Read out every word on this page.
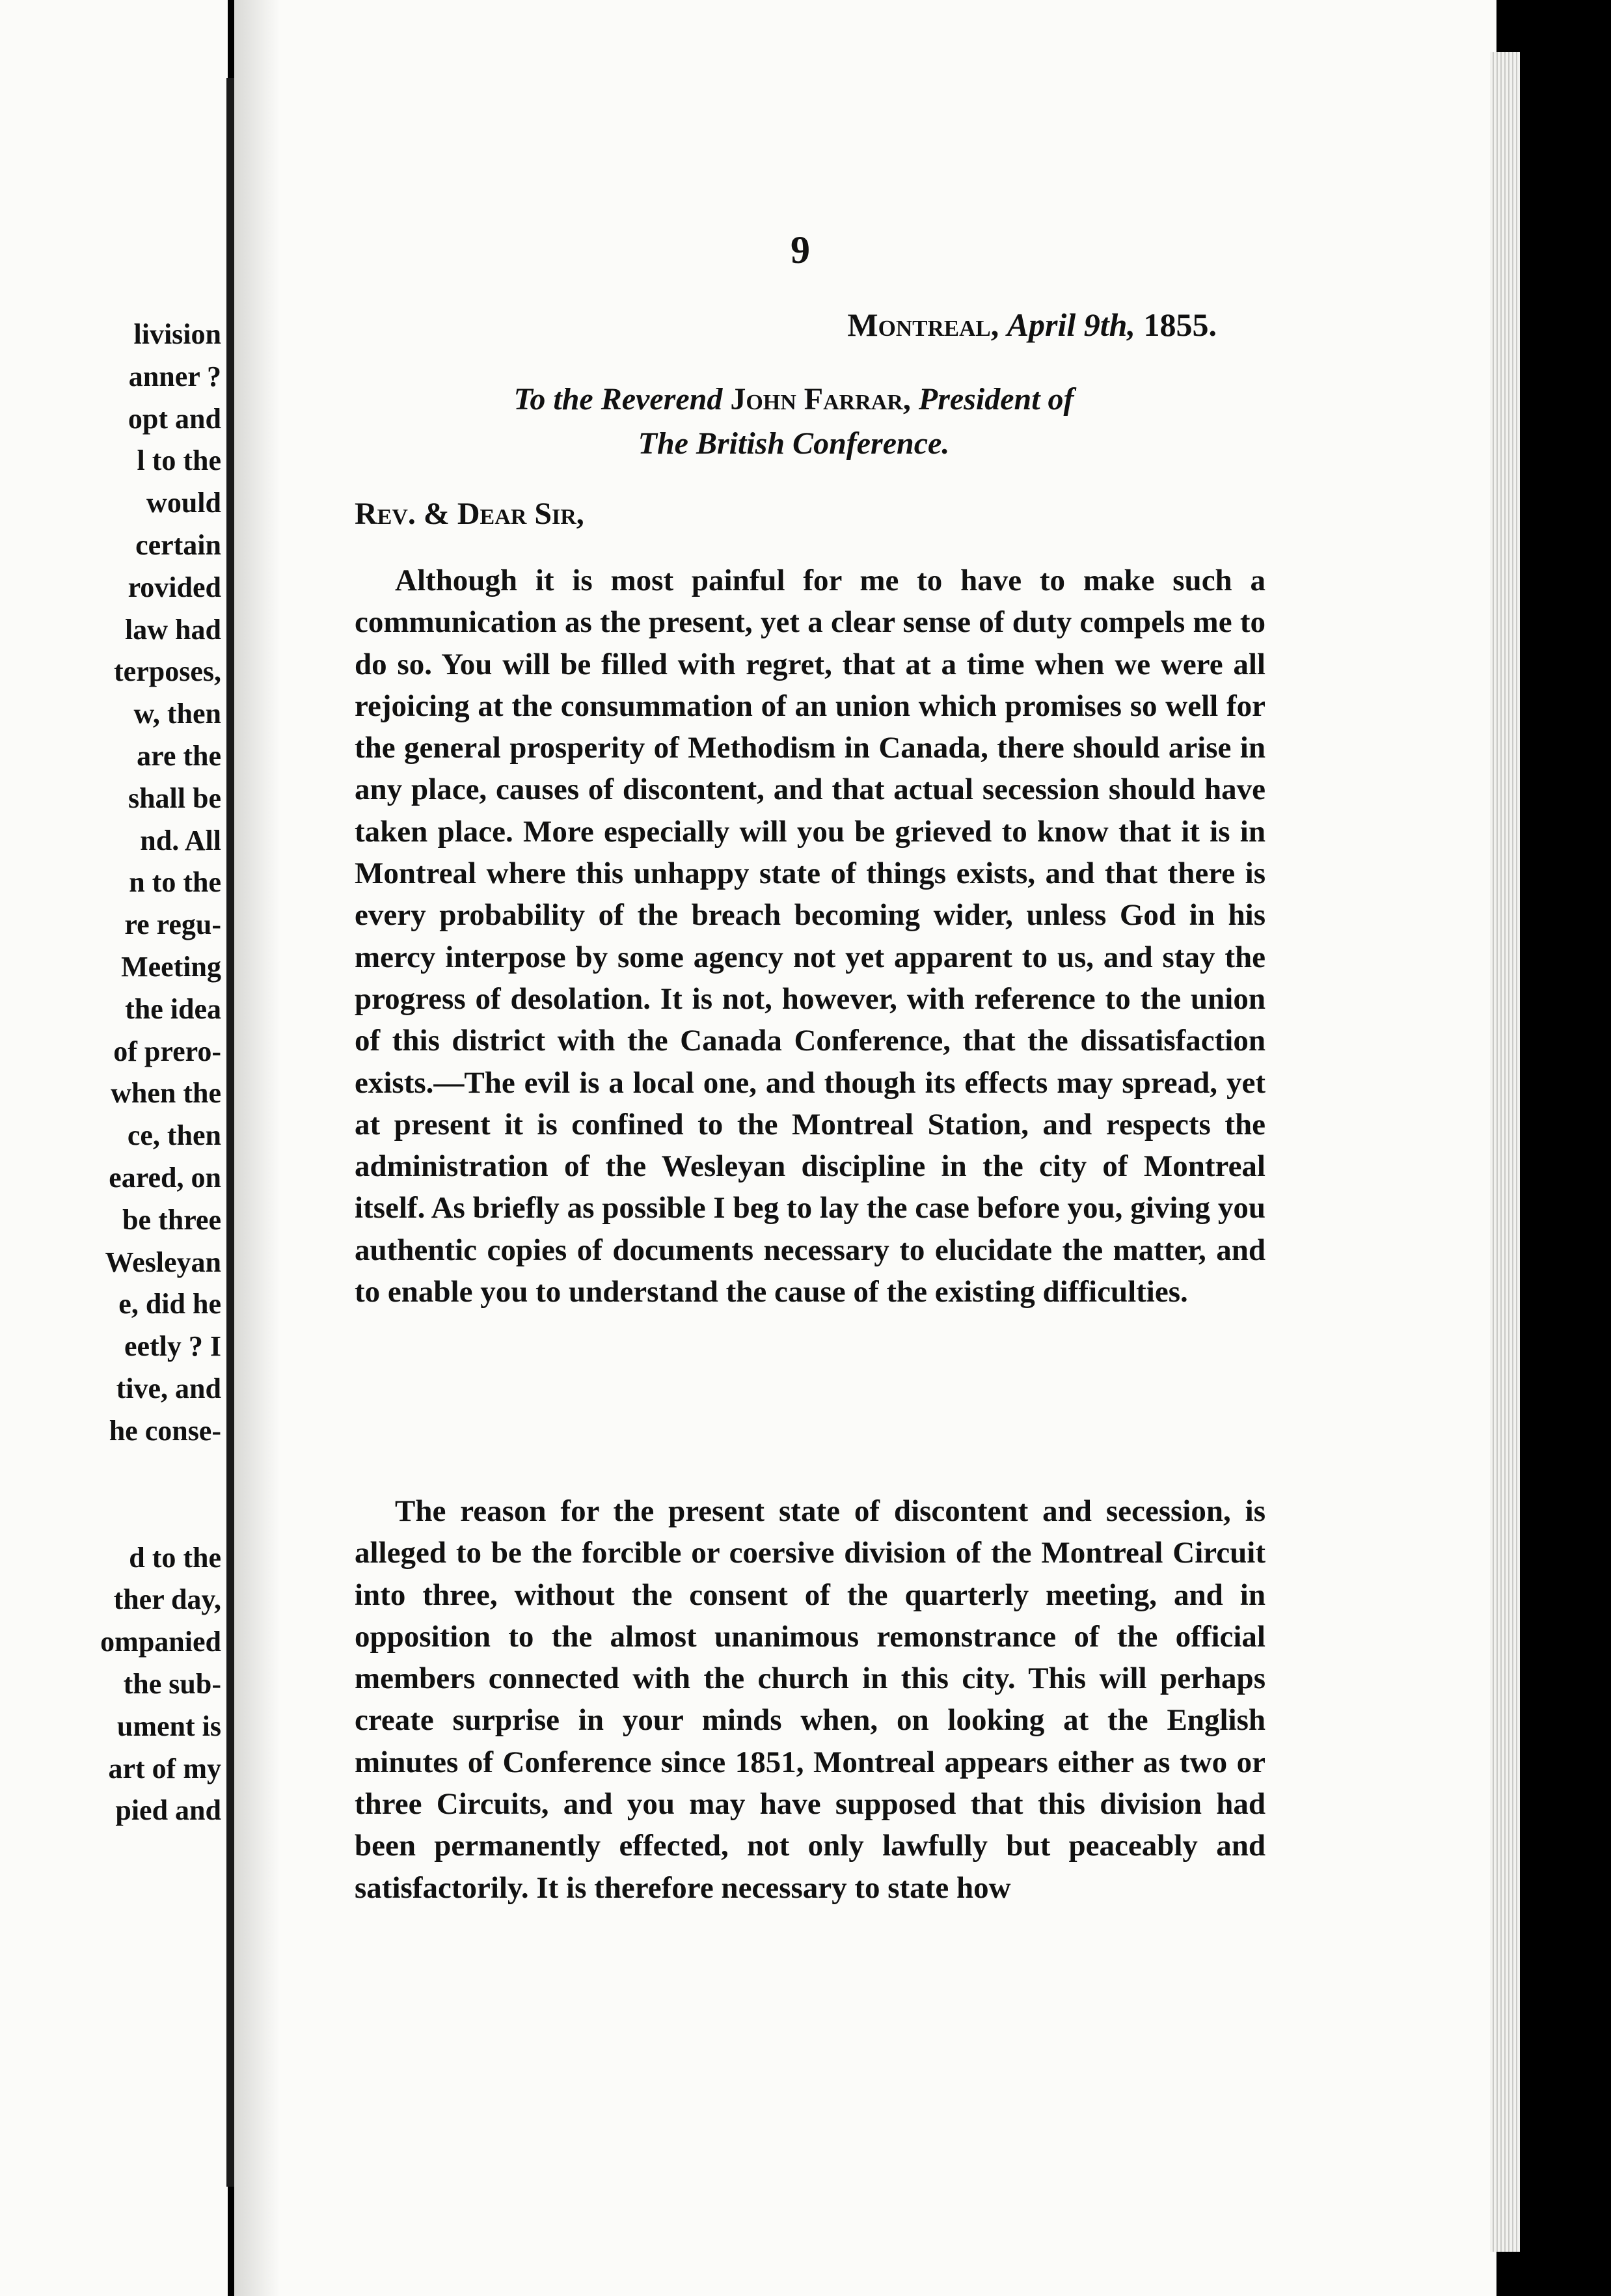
livision
anner ?
opt and
l to the
would
certain
rovided
law had
terposes,
w, then
are the
shall be
nd. All
n to the
re regu-
Meeting
the idea
of prero-
when the
ce, then
eared, on
be three
Wesleyan
e, did he
eetly ? I
tive, and
he conse-
d to the
ther day,
ompanied
the sub-
ument is
art of my
pied and
9
Montreal, April 9th, 1855.
To the Reverend John Farrar, President of
The British Conference.
Rev. & Dear Sir,

Although it is most painful for me to have to make such a communication as the present, yet a clear sense of duty compels me to do so. You will be filled with regret, that at a time when we were all rejoicing at the consummation of an union which promises so well for the general prosperity of Methodism in Canada, there should arise in any place, causes of discontent, and that actual secession should have taken place. More especially will you be grieved to know that it is in Montreal where this unhappy state of things exists, and that there is every probability of the breach becoming wider, unless God in his mercy interpose by some agency not yet apparent to us, and stay the progress of desolation. It is not, however, with reference to the union of this district with the Canada Conference, that the dissatisfaction exists.—The evil is a local one, and though its effects may spread, yet at present it is confined to the Montreal Station, and respects the administration of the Wesleyan discipline in the city of Montreal itself. As briefly as possible I beg to lay the case before you, giving you authentic copies of documents necessary to elucidate the matter, and to enable you to understand the cause of the existing difficulties.

The reason for the present state of discontent and secession, is alleged to be the forcible or coersive division of the Montreal Circuit into three, without the consent of the quarterly meeting, and in opposition to the almost unanimous remonstrance of the official members connected with the church in this city. This will perhaps create surprise in your minds when, on looking at the English minutes of Conference since 1851, Montreal appears either as two or three Circuits, and you may have supposed that this division had been permanently effected, not only lawfully but peaceably and satisfactorily. It is therefore necessary to state how
